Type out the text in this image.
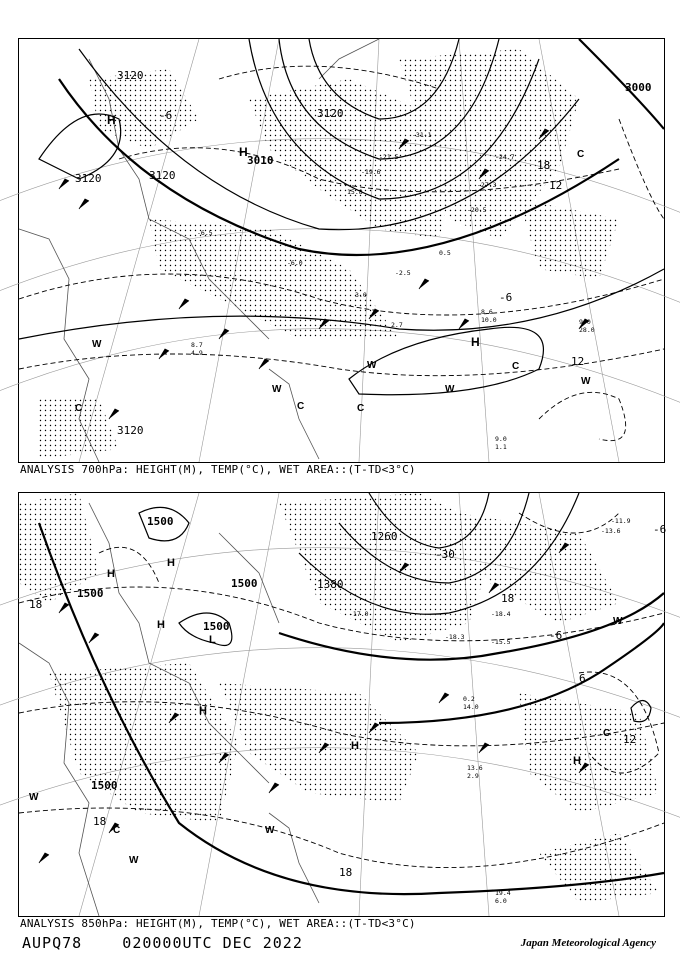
3120
3120	3120
3120
3000
3010
3120
-6
18
12
-6
12
H
H
H
W
C
W
C	C
W
W
C
W
C
-31.1
-21.5
-19.6
-24.7
-27.3
-20.5
-2.5
0.5
8.6
10.0	9.0
28.0
8.7
4.9
9.0
1.1
3.0
-6.0
2.7
15.8
-6.5
ANALYSIS 700hPa: HEIGHT(M), TEMP(°C), WET AREA::(T-TD<3°C)
1500
1500
1500
1500
1500
1380
1260
-30
18
-6
-6
6
12
18
18
18
H
H
H
L
H
H
H
W
C
W
W
W
C
-13.6
-11.9
-15.5
-18.3
0.2
14.0
13.6
2.9
19.4
6.0
-18.4
-17.0
ANALYSIS 850hPa: HEIGHT(M), TEMP(°C), WET AREA::(T-TD<3°C)
AUPQ78    020000UTC DEC 2022	Japan Meteorological Agency
